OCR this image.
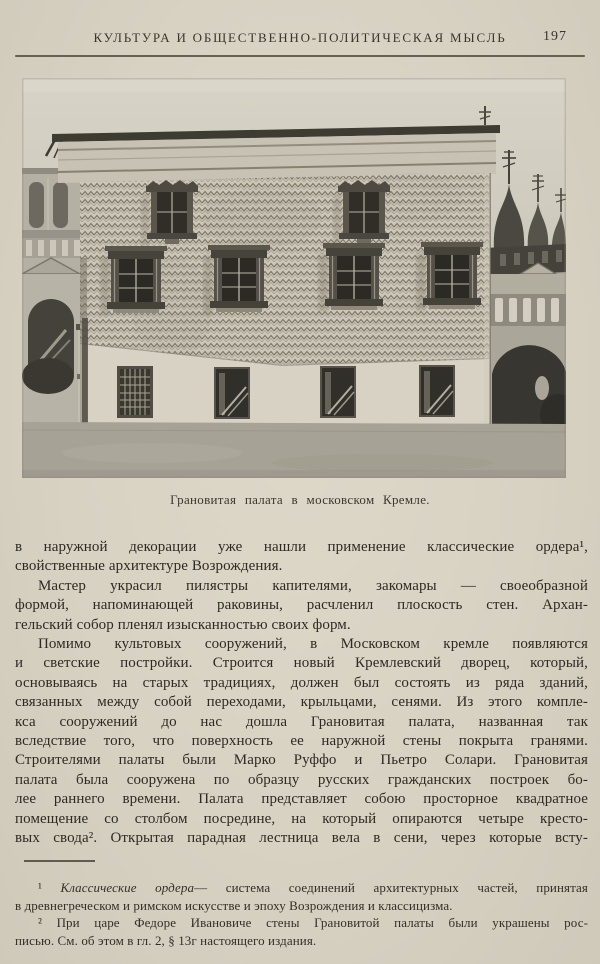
КУЛЬТУРА И ОБЩЕСТВЕННО-ПОЛИТИЧЕСКАЯ МЫСЛЬ	197
Грановитая палата в московском Кремле.
в наружной декорации уже нашли применение классические ордера¹,
свойственные архитектуре Возрождения.
Мастер украсил пилястры капителями, закомары — своеобразной
формой, напоминающей раковины, расчленил плоскость стен. Архан-
гельский собор пленял изысканностью своих форм.
Помимо культовых сооружений, в Московском кремле появляются
и светские постройки. Строится новый Кремлевский дворец, который,
основываясь на старых традициях, должен был состоять из ряда зданий,
связанных между собой переходами, крыльцами, сенями. Из этого компле-
кса сооружений до нас дошла Грановитая палата, названная так
вследствие того, что поверхность ее наружной стены покрыта гранями.
Строителями палаты были Марко Руффо и Пьетро Солари. Грановитая
палата была сооружена по образцу русских гражданских построек бо-
лее раннего времени. Палата представляет собою просторное квадратное
помещение со столбом посредине, на который опираются четыре кресто-
вых свода². Открытая парадная лестница вела в сени, через которые всту-
¹ Классические ордера— система соединений архитектурных частей, принятая
в древнегреческом и римском искусстве и эпоху Возрождения и классицизма.
² При царе Федоре Ивановиче стены Грановитой палаты были украшены рос-
писью. См. об этом в гл. 2, § 13г настоящего издания.
